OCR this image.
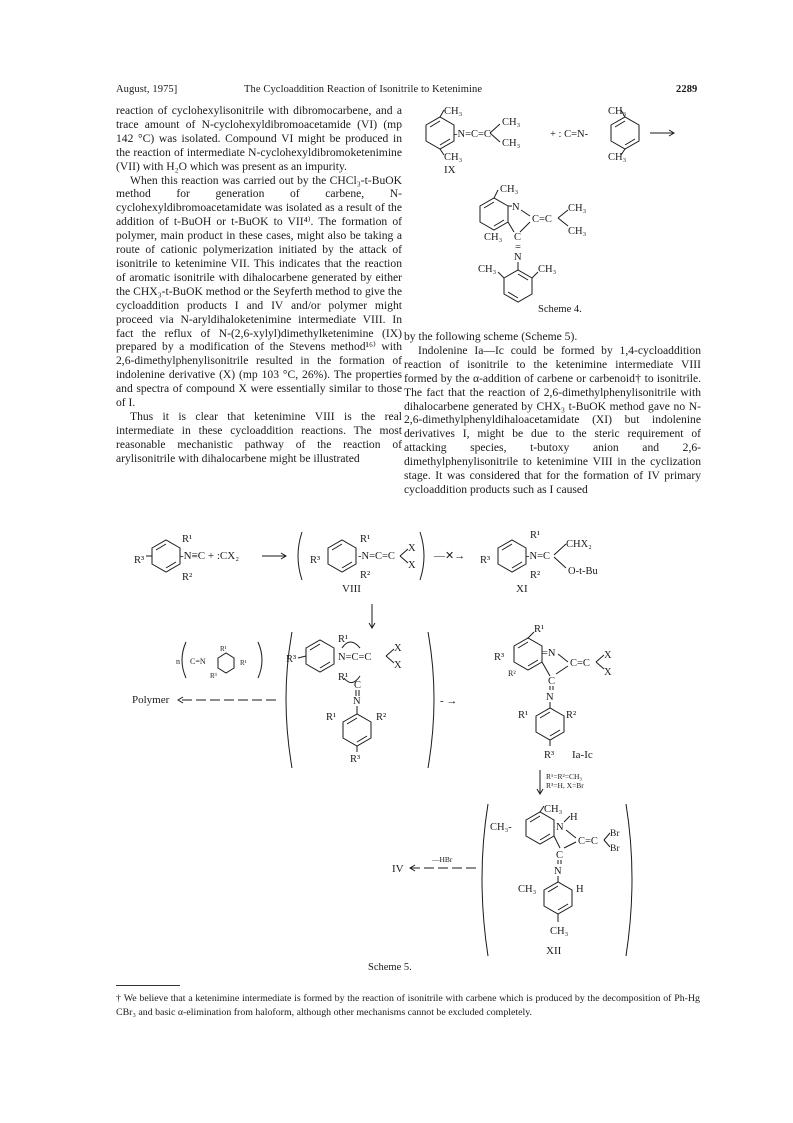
August, 1975]	The Cycloaddition Reaction of Isonitrile to Ketenimine	2289

reaction of cyclohexylisonitrile with dibromocarbene, and a trace amount of N-cyclohexyldibromoacetamide (VI) (mp 142 °C) was isolated. Compound VI might be produced in the reaction of intermediate N-cyclohexyldibromoketenimine (VII) with H₂O which was present as an impurity.

When this reaction was carried out by the CHCl₃-t-BuOK method for generation of carbene, N-cyclohexyldibromoacetamidate was isolated as a result of the addition of t-BuOH or t-BuOK to VII⁴⁾. The formation of polymer, main product in these cases, might also be taking a route of cationic polymerization initiated by the attack of isonitrile to ketenimine VII. This indicates that the reaction of aromatic isonitrile with dihalocarbene generated by either the CHX₃-t-BuOK method or the Seyferth method to give the cycloaddition products I and IV and/or polymer might proceed via N-aryldihaloketenimine intermediate VIII. In fact the reflux of N-(2,6-xylyl)dimethylketenimine (IX) prepared by a modification of the Stevens method¹⁶⁾ with 2,6-dimethylphenylisonitrile resulted in the formation of indolenine derivative (X) (mp 103 °C, 26%). The properties and spectra of compound X were essentially similar to those of I.

Thus it is clear that ketenimine VIII is the real intermediate in these cycloaddition reactions. The most reasonable mechanistic pathway of the reaction of arylisonitrile with dihalocarbene might be illustrated

by the following scheme (Scheme 5).

Indolenine Ia—Ic could be formed by 1,4-cycloaddition reaction of isonitrile to the ketenimine intermediate VIII formed by the α-addition of carbene or carbenoid† to isonitrile. The fact that the reaction of 2,6-dimethylphenylisonitrile with dihalocarbene generated by CHX₃ t-BuOK method gave no N-2,6-dimethylphenyldihaloacetamidate (XI) but indolenine derivatives I, might be due to the steric requirement of attacking species, t-butoxy anion and 2,6-dimethylphenylisonitrile to ketenimine VIII in the cyclization stage. It was considered that for the formation of IV primary cycloaddition products such as I caused

CH₃
CH₃
-N=C=C
CH₃
CH₃
IX
+ : C=N-
CH₃
CH₃
CH₃
N
C
CH₃
C=C
CH₃
CH₃
=
N
CH₃	CH₃
Scheme 4.
R³
R¹
R²
-N≡C + :CX₂	R³
R¹
R²
-N=C=C
X
X
VIII
—✕→ R³
R¹
R²
-N=C
CHX₂
O-t-Bu
XI
R³
R¹
R¹
N=C=C
X
X
C
N
R¹	R²
R³
n C=N
R¹
R¹
R³
Polymer	- →
R¹
R³
R²
=N
C
C=C
X
X
N
R¹	R²
R³ Ia-Ic
R¹=R²=CH₃
R³=H, X=Br
CH₃-
CH₃
N
H
C
C=C
Br
Br
N
CH₃	H
CH₃
XII
IV
—HBr
Scheme 5.
† We believe that a ketenimine intermediate is formed by the reaction of isonitrile with carbene which is produced by the decomposition of Ph-Hg CBr₃ and basic α-elimination from haloform, although other mechanisms cannot be excluded completely.
